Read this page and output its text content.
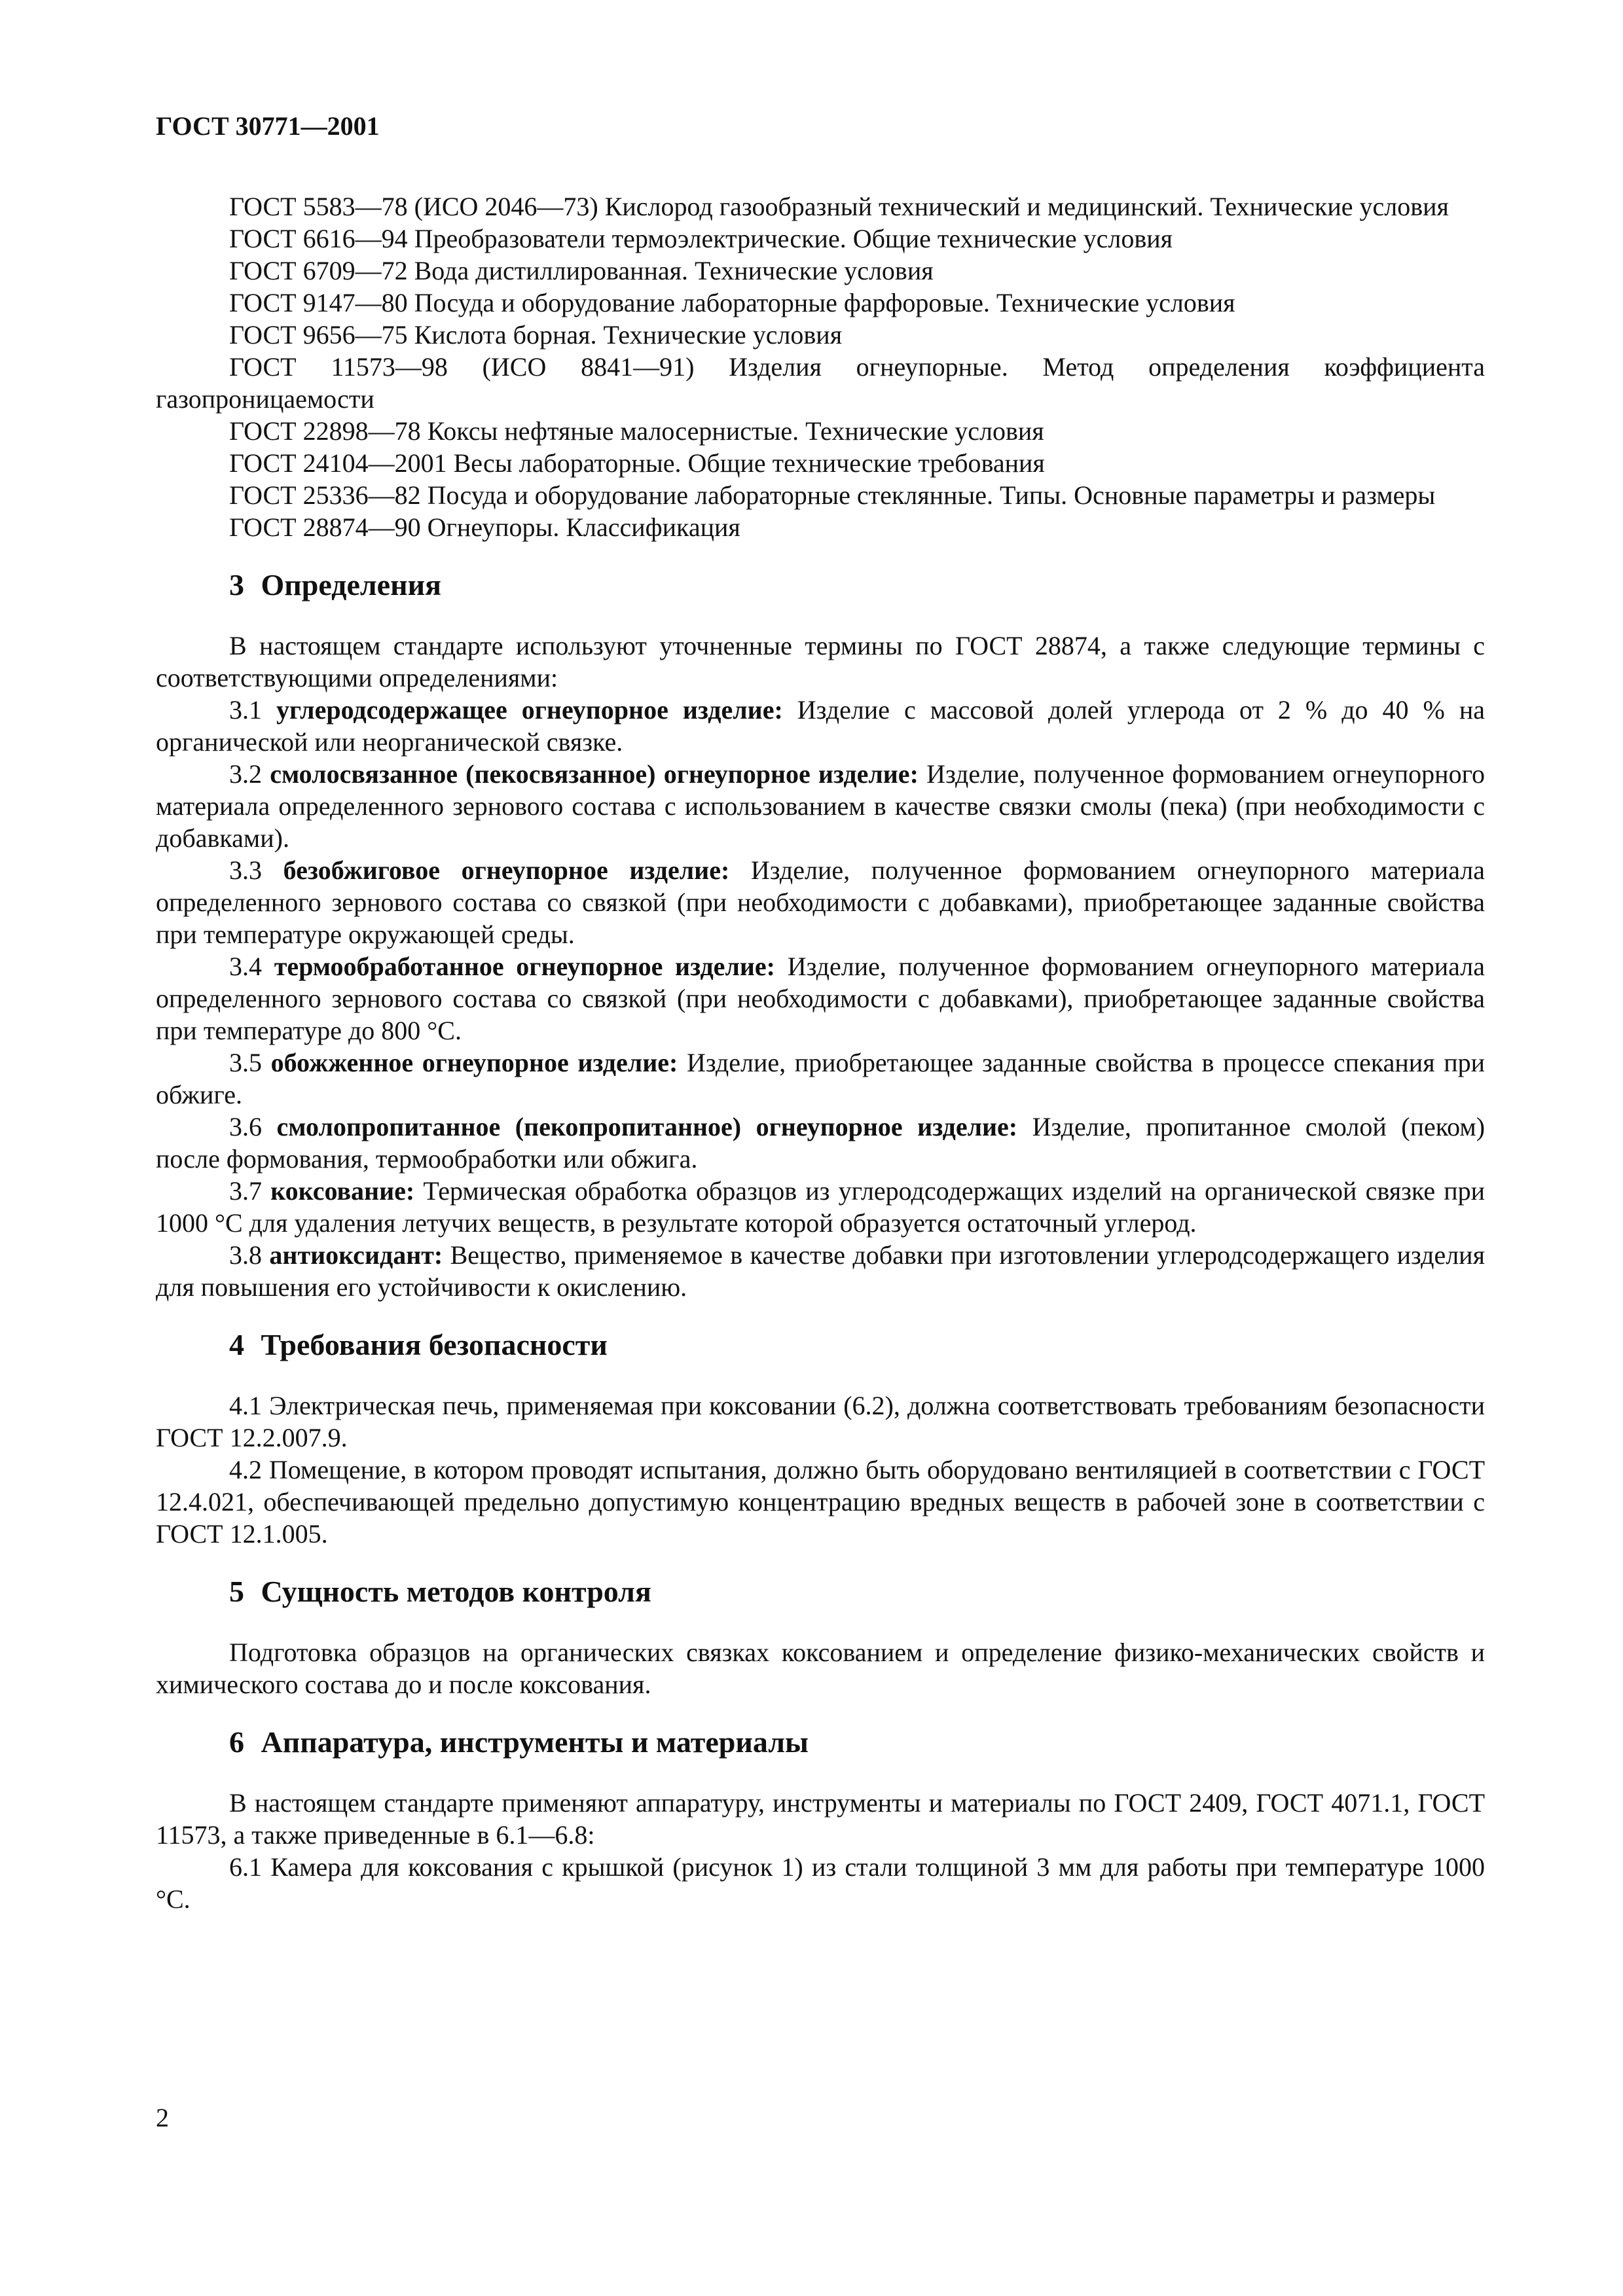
ГОСТ 30771—2001

ГОСТ 5583—78 (ИСО 2046—73) Кислород газообразный технический и медицинский. Технические условия

ГОСТ 6616—94 Преобразователи термоэлектрические. Общие технические условия

ГОСТ 6709—72 Вода дистиллированная. Технические условия

ГОСТ 9147—80 Посуда и оборудование лабораторные фарфоровые. Технические условия

ГОСТ 9656—75 Кислота борная. Технические условия

ГОСТ 11573—98 (ИСО 8841—91) Изделия огнеупорные. Метод определения коэффициента газопроницаемости

ГОСТ 22898—78 Коксы нефтяные малосернистые. Технические условия

ГОСТ 24104—2001 Весы лабораторные. Общие технические требования

ГОСТ 25336—82 Посуда и оборудование лабораторные стеклянные. Типы. Основные параметры и размеры

ГОСТ 28874—90 Огнеупоры. Классификация

3 Определения

В настоящем стандарте используют уточненные термины по ГОСТ 28874, а также следующие термины с соответствующими определениями:

3.1 углеродсодержащее огнеупорное изделие: Изделие с массовой долей углерода от 2 % до 40 % на органической или неорганической связке.

3.2 смолосвязанное (пекосвязанное) огнеупорное изделие: Изделие, полученное формованием огнеупорного материала определенного зернового состава с использованием в качестве связки смолы (пека) (при необходимости с добавками).

3.3 безобжиговое огнеупорное изделие: Изделие, полученное формованием огнеупорного материала определенного зернового состава со связкой (при необходимости с добавками), приобретающее заданные свойства при температуре окружающей среды.

3.4 термообработанное огнеупорное изделие: Изделие, полученное формованием огнеупорного материала определенного зернового состава со связкой (при необходимости с добавками), приобретающее заданные свойства при температуре до 800 °С.

3.5 обожженное огнеупорное изделие: Изделие, приобретающее заданные свойства в процессе спекания при обжиге.

3.6 смолопропитанное (пекопропитанное) огнеупорное изделие: Изделие, пропитанное смолой (пеком) после формования, термообработки или обжига.

3.7 коксование: Термическая обработка образцов из углеродсодержащих изделий на органической связке при 1000 °С для удаления летучих веществ, в результате которой образуется остаточный углерод.

3.8 антиоксидант: Вещество, применяемое в качестве добавки при изготовлении углеродсодержащего изделия для повышения его устойчивости к окислению.

4 Требования безопасности

4.1 Электрическая печь, применяемая при коксовании (6.2), должна соответствовать требованиям безопасности ГОСТ 12.2.007.9.

4.2 Помещение, в котором проводят испытания, должно быть оборудовано вентиляцией в соответствии с ГОСТ 12.4.021, обеспечивающей предельно допустимую концентрацию вредных веществ в рабочей зоне в соответствии с ГОСТ 12.1.005.

5 Сущность методов контроля

Подготовка образцов на органических связках коксованием и определение физико-механических свойств и химического состава до и после коксования.

6 Аппаратура, инструменты и материалы

В настоящем стандарте применяют аппаратуру, инструменты и материалы по ГОСТ 2409, ГОСТ 4071.1, ГОСТ 11573, а также приведенные в 6.1—6.8:

6.1 Камера для коксования с крышкой (рисунок 1) из стали толщиной 3 мм для работы при температуре 1000 °С.

2
